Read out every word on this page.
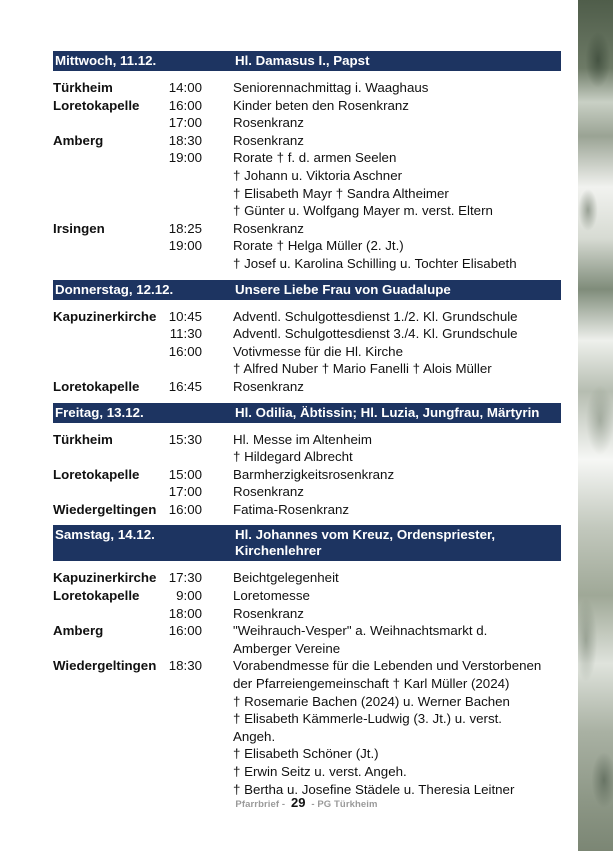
Mittwoch, 11.12.	Hl. Damasus I., Papst
Türkheim	14:00	Seniorennachmittag i. Waaghaus
Loretokapelle	16:00	Kinder beten den Rosenkranz
17:00	Rosenkranz
Amberg	18:30	Rosenkranz
19:00	Rorate † f. d. armen Seelen
† Johann u. Viktoria Aschner
† Elisabeth Mayr † Sandra Altheimer
† Günter u. Wolfgang Mayer m. verst. Eltern
Irsingen	18:25	Rosenkranz
19:00	Rorate † Helga Müller (2. Jt.)
† Josef u. Karolina Schilling u. Tochter Elisabeth
Donnerstag, 12.12.	Unsere Liebe Frau von Guadalupe
Kapuzinerkirche 10:45	Adventl. Schulgottesdienst 1./2. Kl. Grundschule
11:30	Adventl. Schulgottesdienst 3./4. Kl. Grundschule
16:00	Votivmesse für die Hl. Kirche
† Alfred Nuber † Mario Fanelli † Alois Müller
Loretokapelle	16:45	Rosenkranz
Freitag, 13.12.	Hl. Odilia, Äbtissin; Hl. Luzia, Jungfrau, Märtyrin
Türkheim	15:30	Hl. Messe im Altenheim
† Hildegard Albrecht
Loretokapelle	15:00	Barmherzigkeitsrosenkranz
17:00	Rosenkranz
Wiedergeltingen 16:00	Fatima-Rosenkranz
Samstag, 14.12.	Hl. Johannes vom Kreuz, Ordenspriester, Kirchenlehrer
Kapuzinerkirche 17:30	Beichtgelegenheit
Loretokapelle	9:00	Loretomesse
18:00	Rosenkranz
Amberg	16:00	"Weihrauch-Vesper" a. Weihnachtsmarkt d.
Amberger Vereine
Wiedergeltingen 18:30	Vorabendmesse für die Lebenden und Verstorbenen
der Pfarreiengemeinschaft † Karl Müller (2024)
† Rosemarie Bachen (2024) u. Werner Bachen
† Elisabeth Kämmerle-Ludwig (3. Jt.) u. verst.
Angeh.
† Elisabeth Schöner (Jt.)
† Erwin Seitz u. verst. Angeh.
† Bertha u. Josefine Städele u. Theresia Leitner
Pfarrbrief - 29 - PG Türkheim
